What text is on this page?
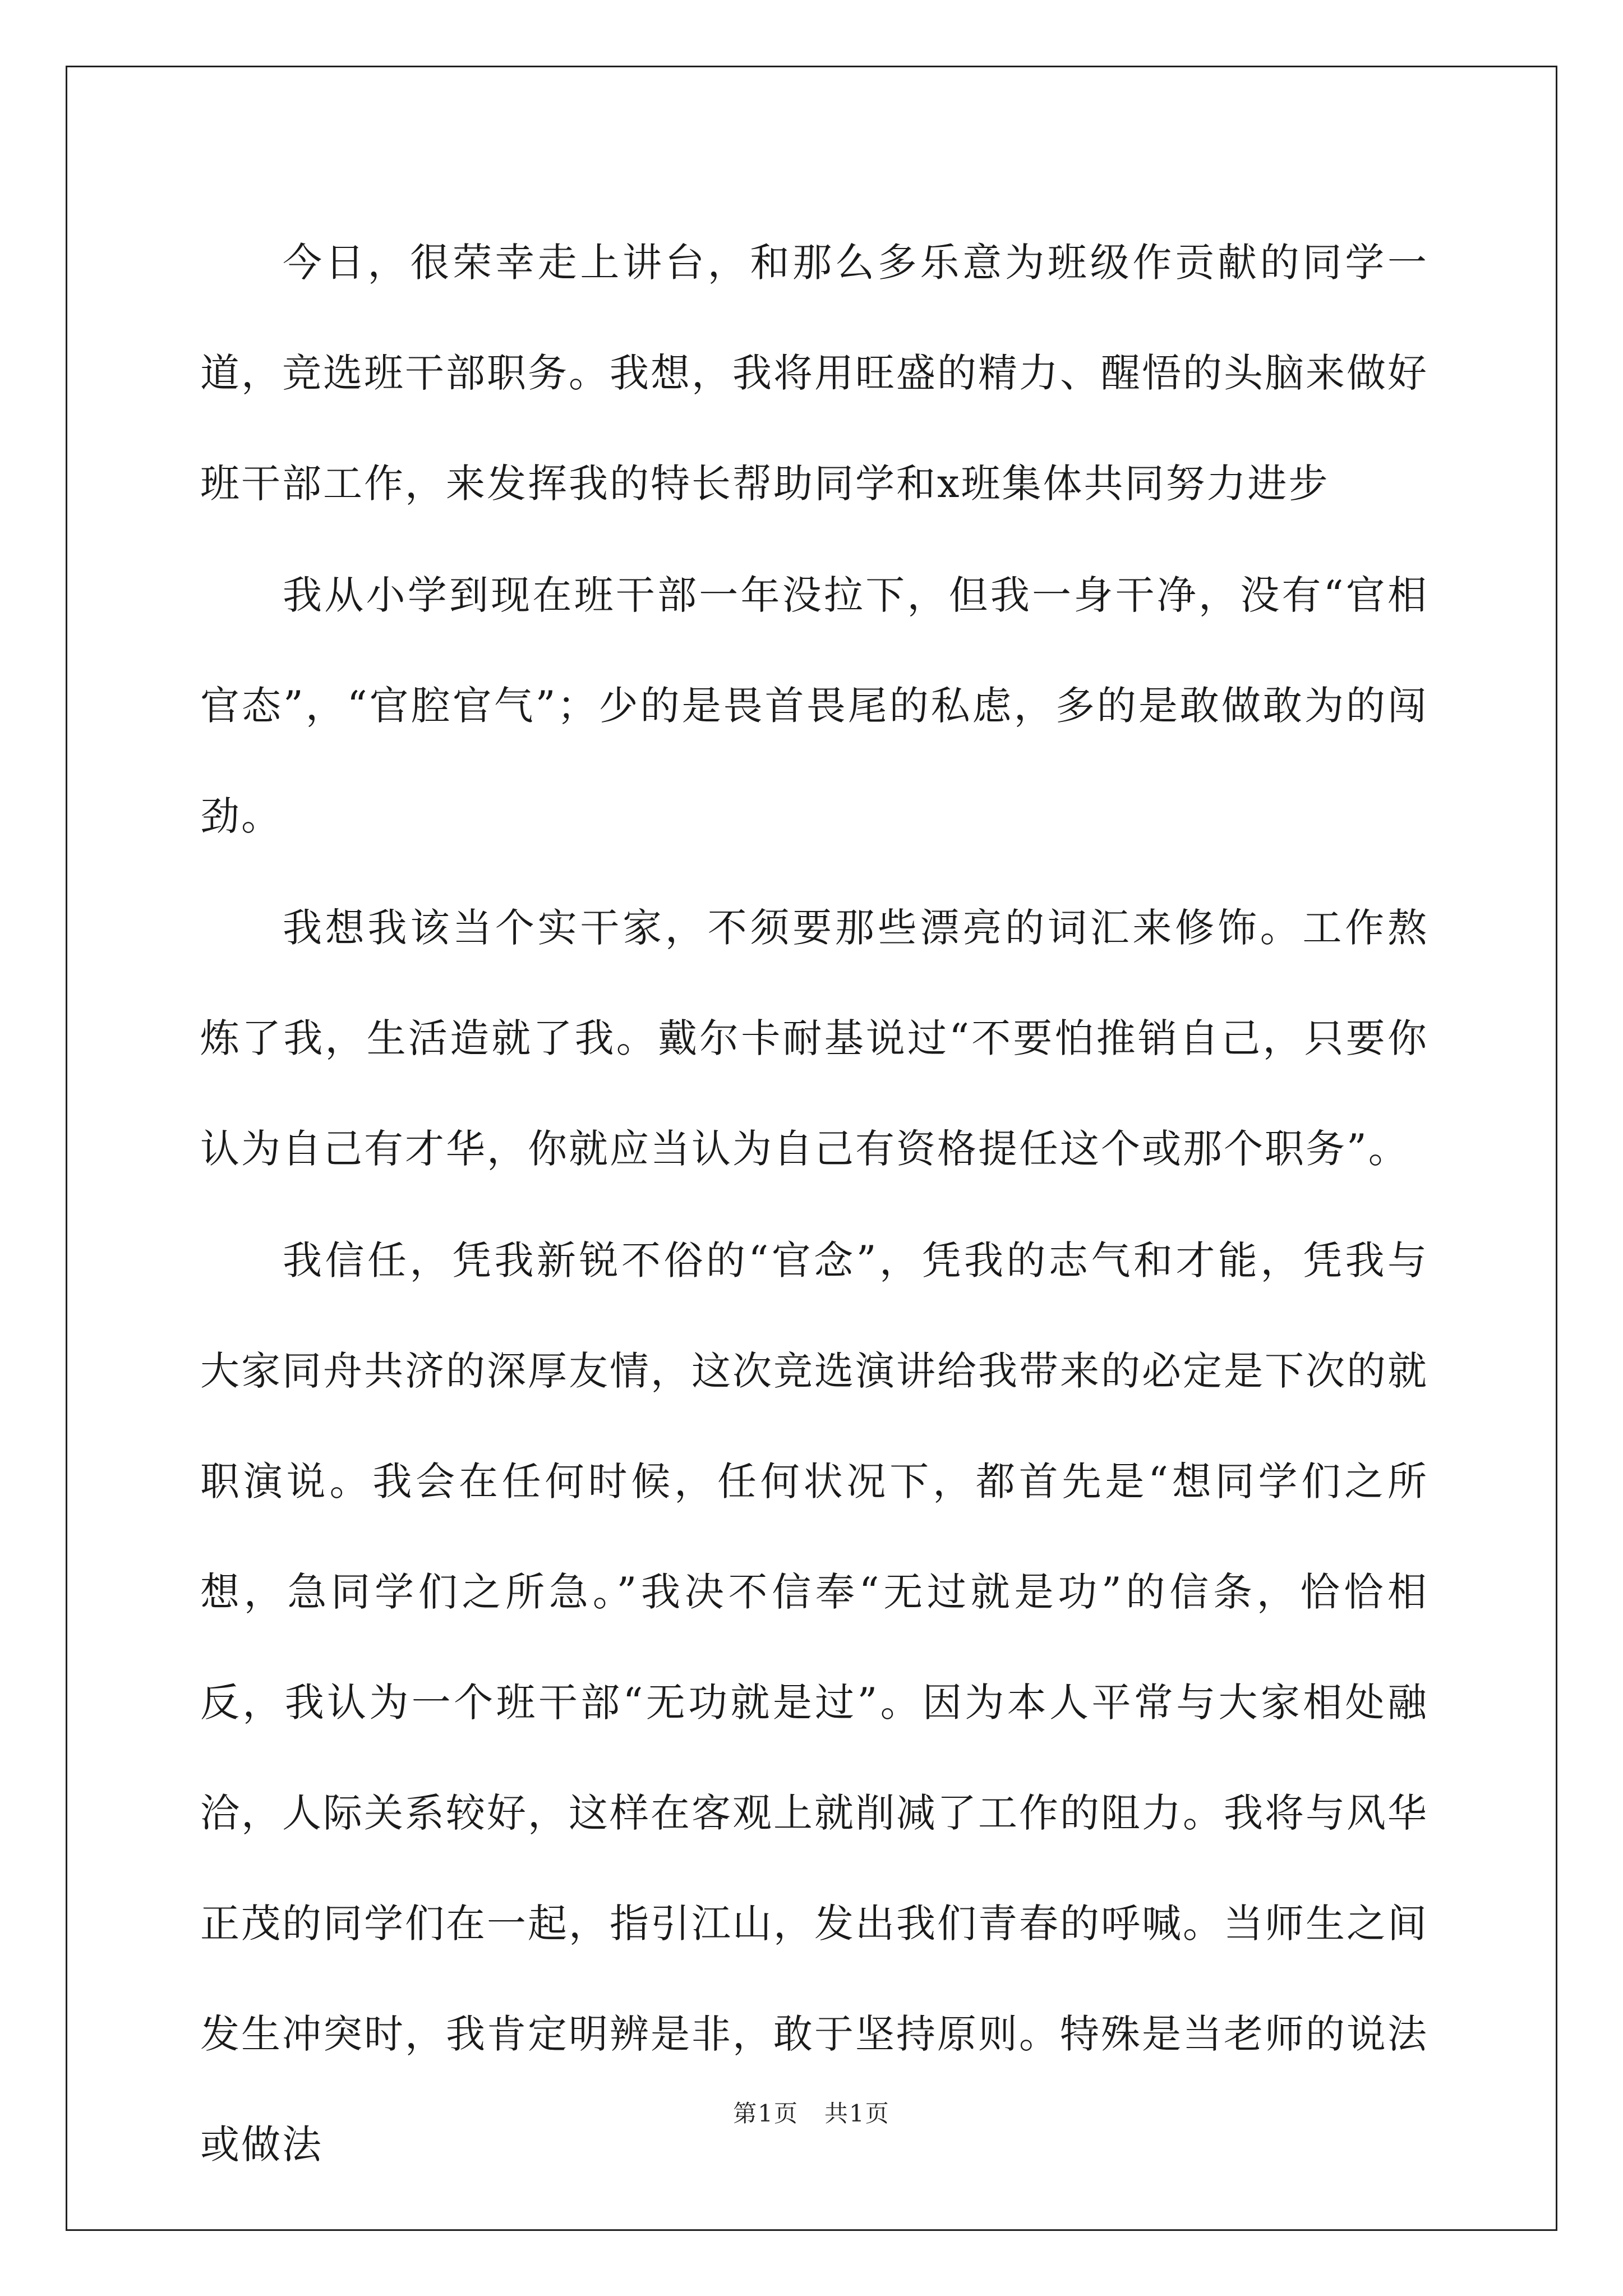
今日，很荣幸走上讲台，和那么多乐意为班级作贡献的同学一道，竞选班干部职务。我想，我将用旺盛的精力、醒悟的头脑来做好班干部工作，来发挥我的特长帮助同学和x班集体共同努力进步

我从小学到现在班干部一年没拉下，但我一身干净，没有“官相官态”，“官腔官气”；少的是畏首畏尾的私虑，多的是敢做敢为的闯劲。

我想我该当个实干家，不须要那些漂亮的词汇来修饰。工作熬炼了我，生活造就了我。戴尔卡耐基说过“不要怕推销自己，只要你认为自己有才华，你就应当认为自己有资格提任这个或那个职务”。

我信任，凭我新锐不俗的“官念”，凭我的志气和才能，凭我与大家同舟共济的深厚友情，这次竞选演讲给我带来的必定是下次的就职演说。我会在任何时候，任何状况下，都首先是“想同学们之所想，急同学们之所急。”我决不信奉“无过就是功”的信条，恰恰相反，我认为一个班干部“无功就是过”。因为本人平常与大家相处融洽，人际关系较好，这样在客观上就削减了工作的阻力。我将与风华正茂的同学们在一起，指引江山，发出我们青春的呼喊。当师生之间发生冲突时，我肯定明辨是非，敢于坚持原则。特殊是当老师的说法或做法

第1页 共1页
